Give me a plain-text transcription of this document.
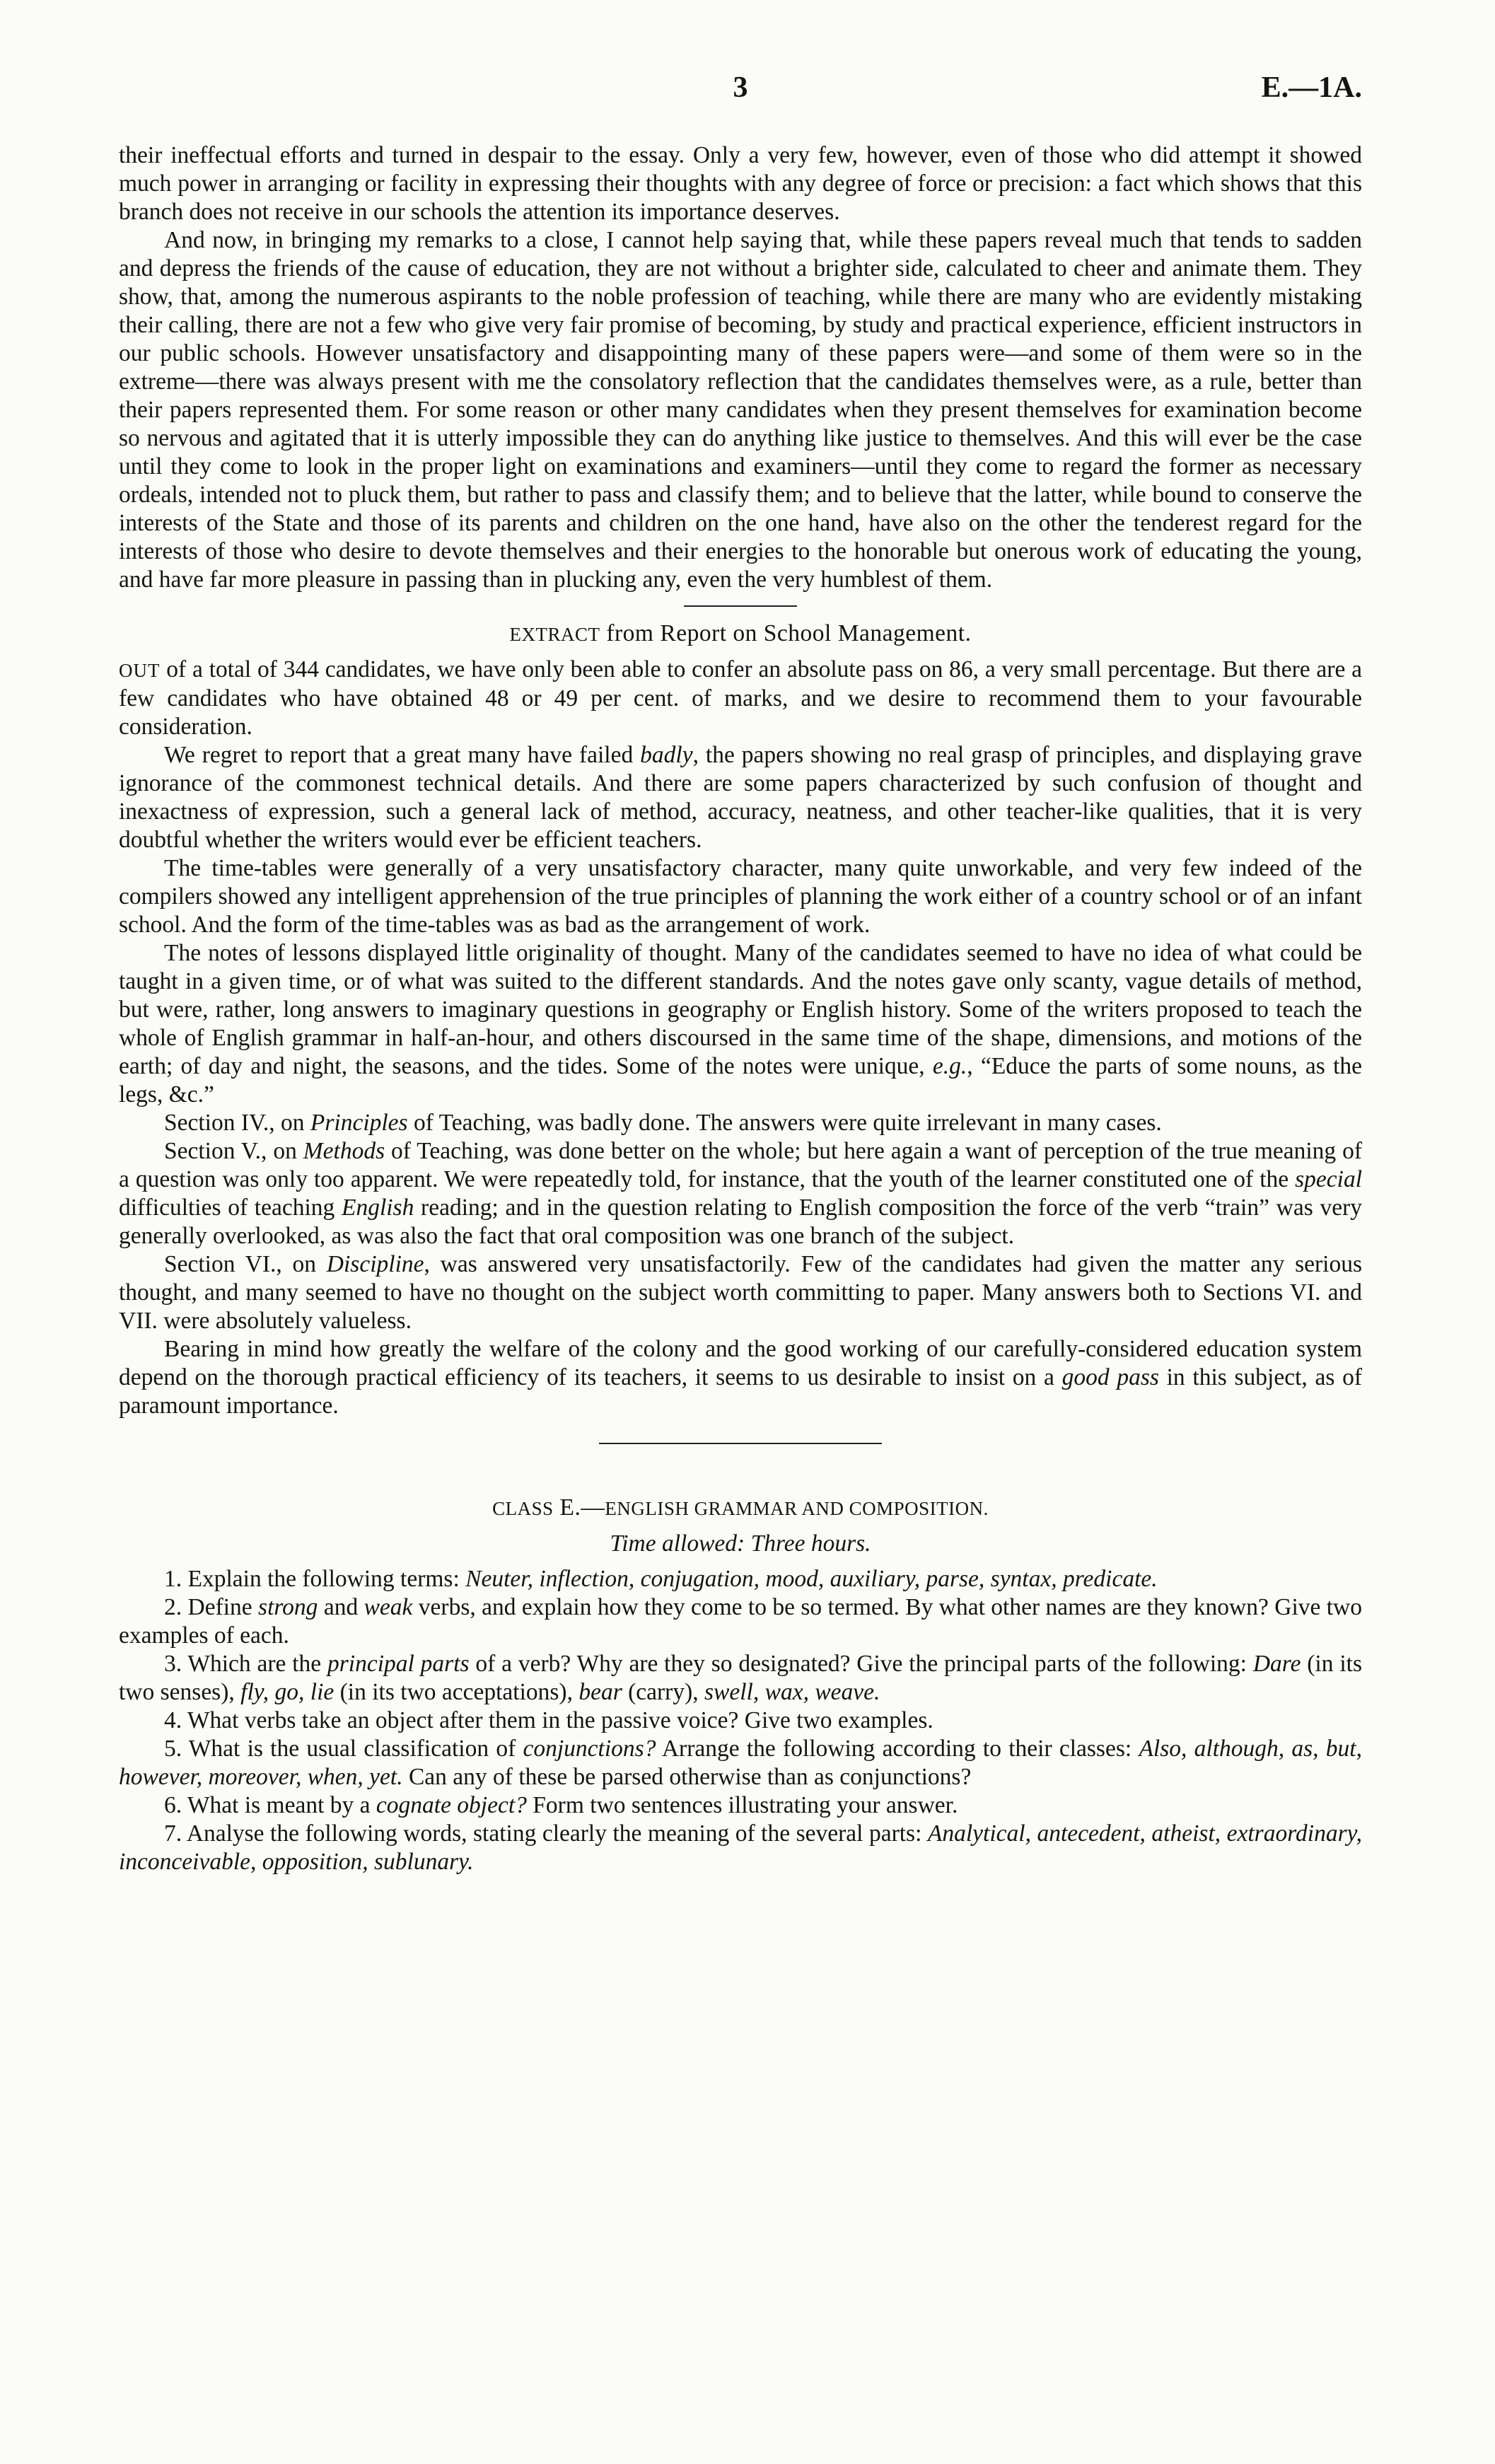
3	E.—1A.

their ineffectual efforts and turned in despair to the essay. Only a very few, however, even of those who did attempt it showed much power in arranging or facility in expressing their thoughts with any degree of force or precision: a fact which shows that this branch does not receive in our schools the attention its importance deserves.

And now, in bringing my remarks to a close, I cannot help saying that, while these papers reveal much that tends to sadden and depress the friends of the cause of education, they are not without a brighter side, calculated to cheer and animate them. They show, that, among the numerous aspirants to the noble profession of teaching, while there are many who are evidently mistaking their calling, there are not a few who give very fair promise of becoming, by study and practical experience, efficient instructors in our public schools. However unsatisfactory and disappointing many of these papers were—and some of them were so in the extreme—there was always present with me the consolatory reflection that the candidates themselves were, as a rule, better than their papers represented them. For some reason or other many candidates when they present themselves for examination become so nervous and agitated that it is utterly impossible they can do anything like justice to themselves. And this will ever be the case until they come to look in the proper light on examinations and examiners—until they come to regard the former as necessary ordeals, intended not to pluck them, but rather to pass and classify them; and to believe that the latter, while bound to conserve the interests of the State and those of its parents and children on the one hand, have also on the other the tenderest regard for the interests of those who desire to devote themselves and their energies to the honorable but onerous work of educating the young, and have far more pleasure in passing than in plucking any, even the very humblest of them.

EXTRACT from Report on School Management.

OUT of a total of 344 candidates, we have only been able to confer an absolute pass on 86, a very small percentage. But there are a few candidates who have obtained 48 or 49 per cent. of marks, and we desire to recommend them to your favourable consideration.

We regret to report that a great many have failed badly, the papers showing no real grasp of principles, and displaying grave ignorance of the commonest technical details. And there are some papers characterized by such confusion of thought and inexactness of expression, such a general lack of method, accuracy, neatness, and other teacher-like qualities, that it is very doubtful whether the writers would ever be efficient teachers.

The time-tables were generally of a very unsatisfactory character, many quite unworkable, and very few indeed of the compilers showed any intelligent apprehension of the true principles of planning the work either of a country school or of an infant school. And the form of the time-tables was as bad as the arrangement of work.

The notes of lessons displayed little originality of thought. Many of the candidates seemed to have no idea of what could be taught in a given time, or of what was suited to the different standards. And the notes gave only scanty, vague details of method, but were, rather, long answers to imaginary questions in geography or English history. Some of the writers proposed to teach the whole of English grammar in half-an-hour, and others discoursed in the same time of the shape, dimensions, and motions of the earth; of day and night, the seasons, and the tides. Some of the notes were unique, e.g., “Educe the parts of some nouns, as the legs, &c.”

Section IV., on Principles of Teaching, was badly done. The answers were quite irrelevant in many cases.

Section V., on Methods of Teaching, was done better on the whole; but here again a want of perception of the true meaning of a question was only too apparent. We were repeatedly told, for instance, that the youth of the learner constituted one of the special difficulties of teaching English reading; and in the question relating to English composition the force of the verb “train” was very generally overlooked, as was also the fact that oral composition was one branch of the subject.

Section VI., on Discipline, was answered very unsatisfactorily. Few of the candidates had given the matter any serious thought, and many seemed to have no thought on the subject worth committing to paper. Many answers both to Sections VI. and VII. were absolutely valueless.

Bearing in mind how greatly the welfare of the colony and the good working of our carefully-considered education system depend on the thorough practical efficiency of its teachers, it seems to us desirable to insist on a good pass in this subject, as of paramount importance.

CLASS E.—ENGLISH GRAMMAR AND COMPOSITION.

Time allowed: Three hours.

1. Explain the following terms: Neuter, inflection, conjugation, mood, auxiliary, parse, syntax, predicate.

2. Define strong and weak verbs, and explain how they come to be so termed. By what other names are they known? Give two examples of each.

3. Which are the principal parts of a verb? Why are they so designated? Give the principal parts of the following: Dare (in its two senses), fly, go, lie (in its two acceptations), bear (carry), swell, wax, weave.

4. What verbs take an object after them in the passive voice? Give two examples.

5. What is the usual classification of conjunctions? Arrange the following according to their classes: Also, although, as, but, however, moreover, when, yet. Can any of these be parsed otherwise than as conjunctions?

6. What is meant by a cognate object? Form two sentences illustrating your answer.

7. Analyse the following words, stating clearly the meaning of the several parts: Analytical, antecedent, atheist, extraordinary, inconceivable, opposition, sublunary.
